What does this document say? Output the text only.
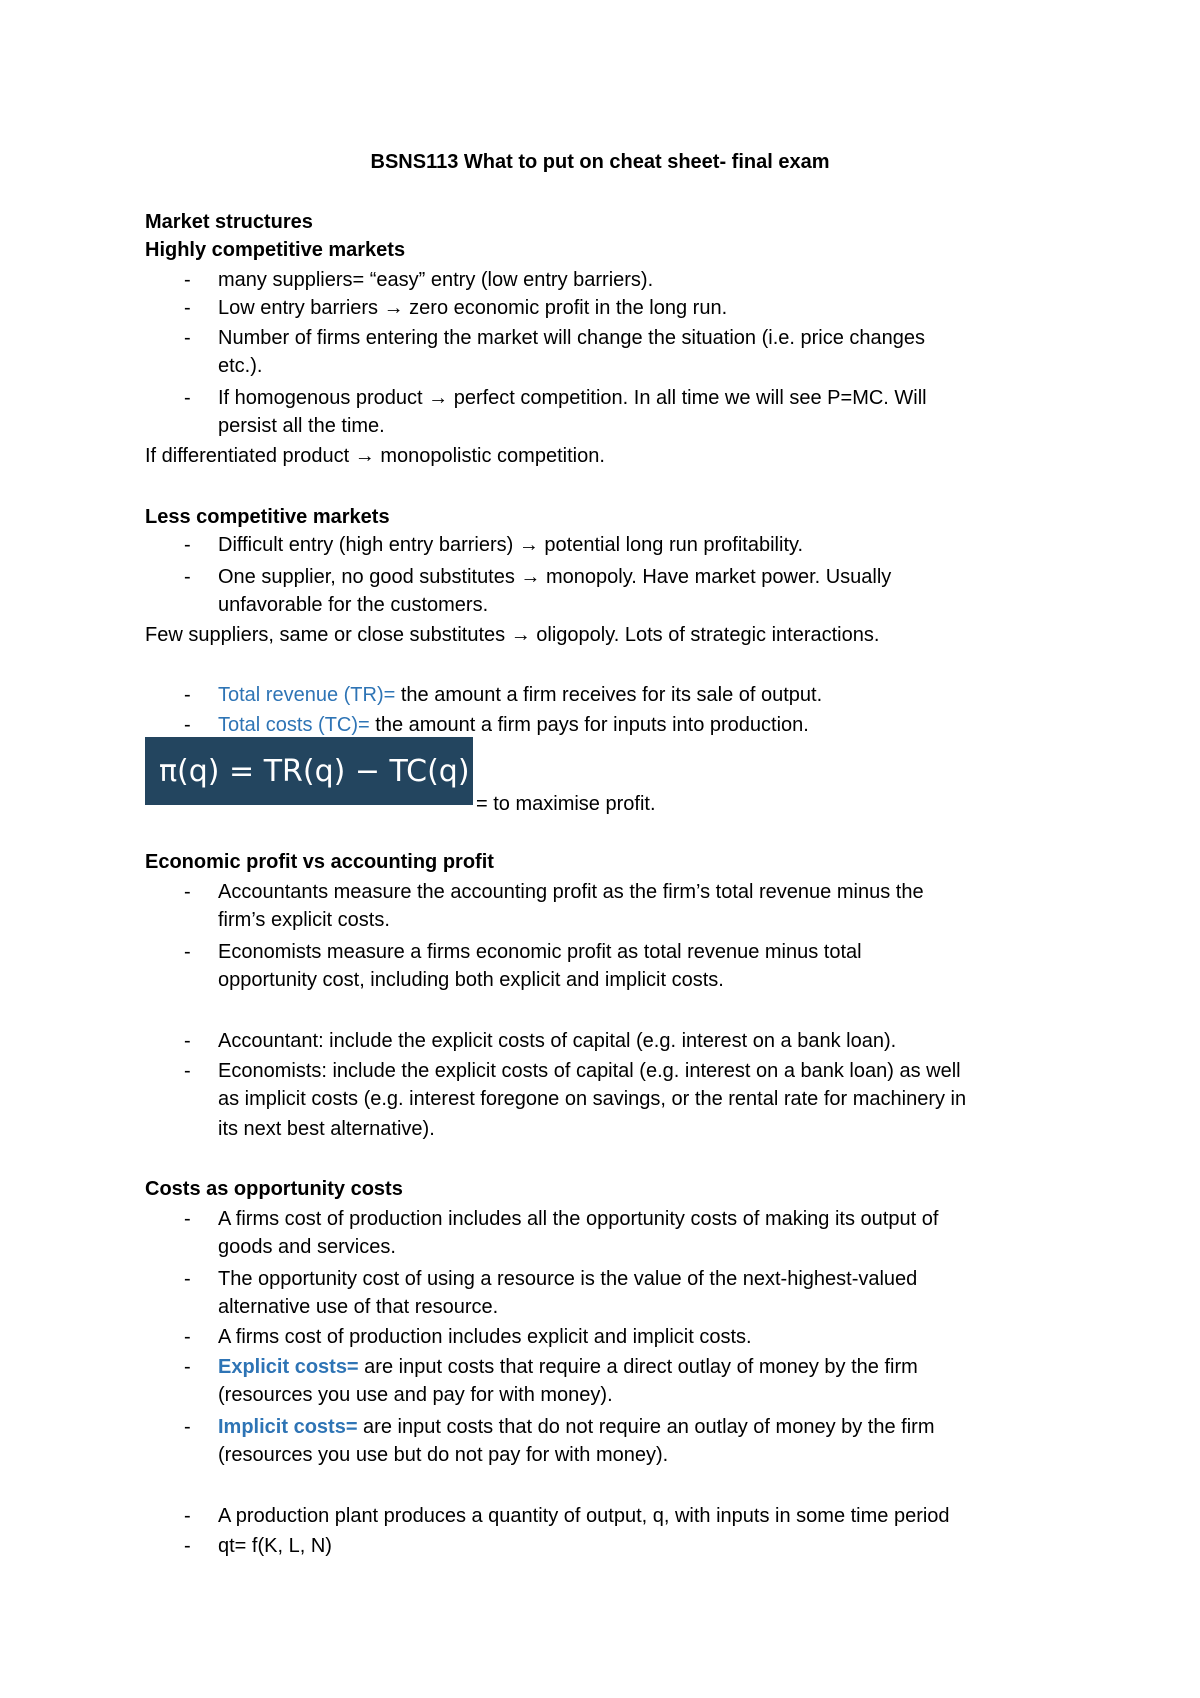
BSNS113 What to put on cheat sheet- final exam
Market structures
Highly competitive markets
- many suppliers= “easy” entry (low entry barriers).
- Low entry barriers → zero economic profit in the long run.
- Number of firms entering the market will change the situation (i.e. price changes
etc.).
- If homogenous product → perfect competition. In all time we will see P=MC. Will
persist all the time.
If differentiated product → monopolistic competition.
Less competitive markets
- Difficult entry (high entry barriers) → potential long run profitability.
- One supplier, no good substitutes → monopoly. Have market power. Usually
unfavorable for the customers.
Few suppliers, same or close substitutes → oligopoly. Lots of strategic interactions.
- Total revenue (TR)= the amount a firm receives for its sale of output.
- Total costs (TC)= the amount a firm pays for inputs into production.
π(q) = TR(q) − TC(q)
= to maximise profit.
Economic profit vs accounting profit
- Accountants measure the accounting profit as the firm’s total revenue minus the
firm’s explicit costs.
- Economists measure a firms economic profit as total revenue minus total
opportunity cost, including both explicit and implicit costs.
- Accountant: include the explicit costs of capital (e.g. interest on a bank loan).
- Economists: include the explicit costs of capital (e.g. interest on a bank loan) as well
as implicit costs (e.g. interest foregone on savings, or the rental rate for machinery in
its next best alternative).
Costs as opportunity costs
- A firms cost of production includes all the opportunity costs of making its output of
goods and services.
- The opportunity cost of using a resource is the value of the next-highest-valued
alternative use of that resource.
- A firms cost of production includes explicit and implicit costs.
- Explicit costs= are input costs that require a direct outlay of money by the firm
(resources you use and pay for with money).
- Implicit costs= are input costs that do not require an outlay of money by the firm
(resources you use but do not pay for with money).
- A production plant produces a quantity of output, q, with inputs in some time period
- qt= f(K, L, N)
